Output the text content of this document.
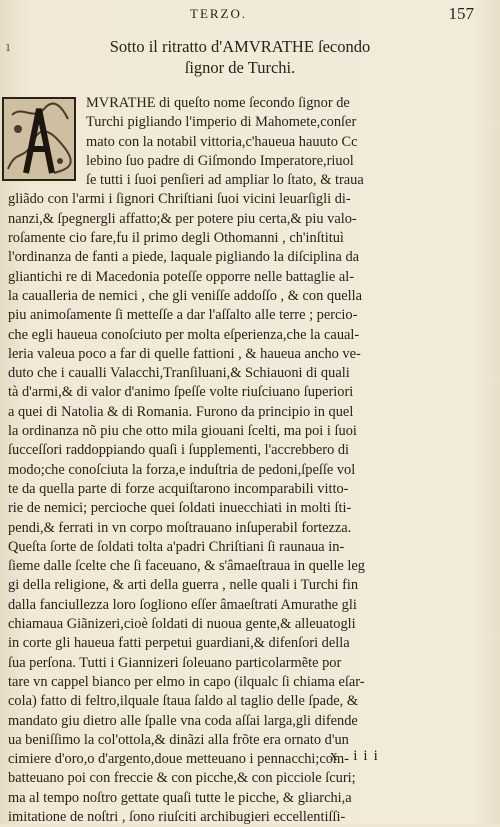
TERZO.	157
ı	Sotto il ritratto d'AMVRATHE ſecondo
ſignor de Turchi.
MVRATHE di queſto nome ſecondo ſignor de
Turchi pigliando l'imperio di Mahomete,conſer
mato con la notabil vittoria,c'haueua hauuto Cc
lebino ſuo padre di Giſmondo Imperatore,riuol
ſe tutti i ſuoi penſieri ad ampliar lo ſtato, & traua
gliãdo con l'armi i ſignori Chriſtiani ſuoi vicini leuarſigli di-
nanzi,& ſpegnergli affatto;& per potere piu certa,& piu valo-
roſamente cio fare,fu il primo degli Othomanni , ch'inſtituì
l'ordinanza de fanti a piede, laquale pigliando la diſciplina da
gliantichi re di Macedonia poteſſe opporre nelle battaglie al-
la caualleria de nemici , che gli veniſſe addoſſo , & con quella
piu animoſamente ſi metteſſe a dar l'aſſalto alle terre ; percio-
che egli haueua conoſciuto per molta eſperienza,che la caual-
leria valeua poco a far di quelle fattioni , & haueua ancho ve-
duto che i caualli Valacchi,Tranſiluani,& Schiauoni di quali
tà d'armi,& di valor d'animo ſpeſſe volte riuſciuano ſuperiori
a quei di Natolia & di Romania. Furono da principio in quel
la ordinanza nõ piu che otto mila giouani ſcelti, ma poi i ſuoi
ſucceſſori raddoppiando quaſi i ſupplementi, l'accrebbero di
modo;che conoſciuta la forza,e induſtria de pedoni,ſpeſſe vol
te da quella parte di forze acquiſtarono incomparabili vitto-
rie de nemici; percioche quei ſoldati inuecchiati in molti ſti-
pendi,& ferrati in vn corpo moſtrauano inſuperabil fortezza.
Queſta ſorte de ſoldati tolta a'padri Chriſtiani ſi raunaua in-
ſieme dalle ſcelte che ſi faceuano, & s'âmaeſtraua in quelle leg
gi della religione, & arti della guerra , nelle quali i Turchi fin
dalla fanciullezza loro ſogliono eſſer âmaeſtrati Amurathe gli
chiamaua Giãnizeri,cioè ſoldati di nuoua gente,& alleuatogli
in corte gli haueua fatti perpetui guardiani,& difenſori della
ſua perſona. Tutti i Giannizeri ſoleuano particolarmẽte por
tare vn cappel bianco per elmo in capo (ilqualc ſi chiama eſar-
cola) fatto di feltro,ilquale ſtaua ſaldo al taglio delle ſpade, &
mandato giu dietro alle ſpalle vna coda aſſai larga,gli difende
ua beniſſimo la col'ottola,& dinãzi alla frõte era ornato d'un
cimiere d'oro,o d'argento,doue metteuano i pennacchi;com-
batteuano poi con freccie & con picche,& con picciole ſcuri;
ma al tempo noſtro gettate quaſi tutte le picche, & gliarchi,a
imitatione de noſtri , ſono riuſciti archibugieri eccellentiſſi-
x iii
